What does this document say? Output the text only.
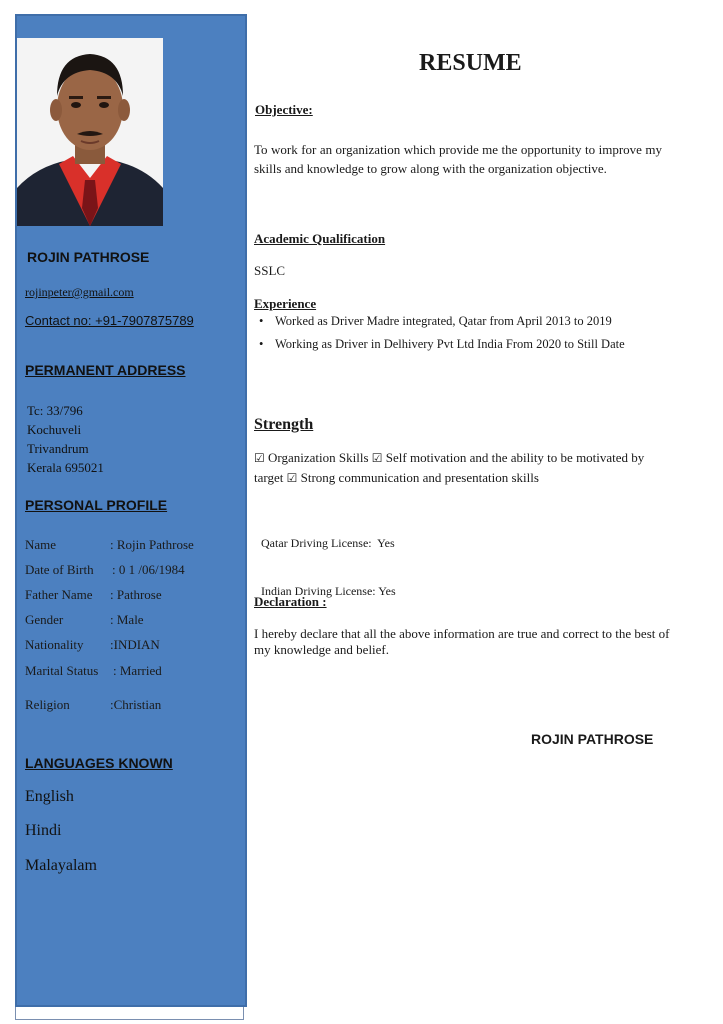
ROJIN PATHROSE
rojinpeter@gmail.com
Contact no: +91-7907875789
PERMANENT ADDRESS
Tc: 33/796
Kochuveli
Trivandrum
Kerala 695021
PERSONAL PROFILE
Name	: Rojin Pathrose
Date of Birth : 0 1 /06/1984
Father Name : Pathrose
Gender	: Male
Nationality :INDIAN
Marital Status : Married
Religion	:Christian
LANGUAGES KNOWN
English
Hindi
Malayalam
RESUME
Objective:
To work for an organization which provide me the opportunity to improve my skills and knowledge to grow along with the organization objective.
Academic Qualification
SSLC
Experience
• Worked as Driver Madre integrated, Qatar from April 2013 to 2019
• Working as Driver in Delhivery Pvt Ltd India From 2020 to Still Date
Strength
☑ Organization Skills ☑ Self motivation and the ability to be motivated by target ☑ Strong communication and presentation skills

Qatar Driving License:  Yes

Indian Driving License: Yes

Declaration :
I hereby declare that all the above information are true and correct to the best of my knowledge and belief.
ROJIN PATHROSE
